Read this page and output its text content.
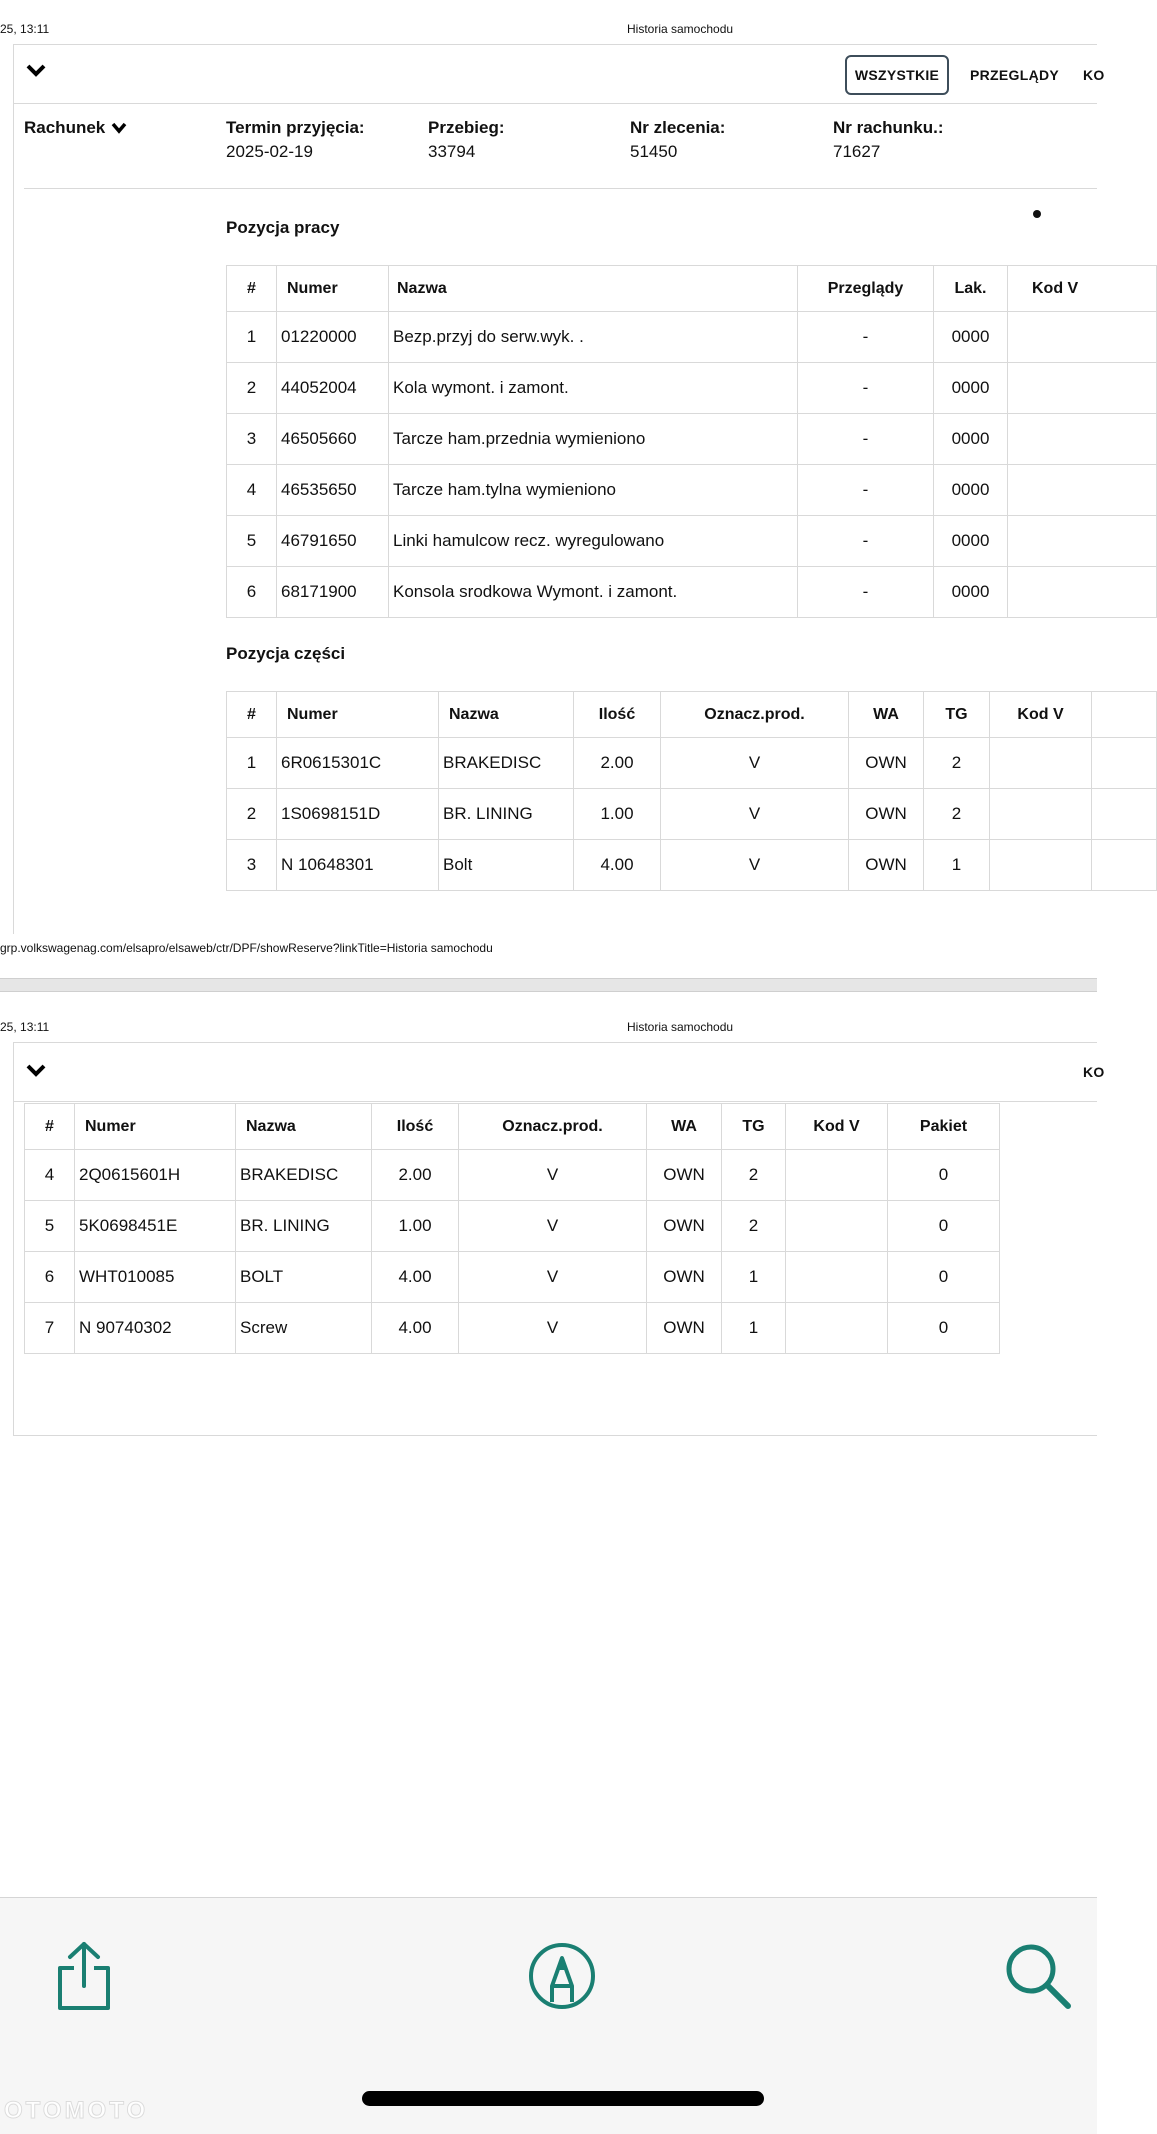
25, 13:11	Historia samochodu
WSZYSTKIE	PRZEGLĄDY KO
Rachunek	Termin przyjęcia:
2025-02-19
Przebieg:
33794
Nr zlecenia:
51450
Nr rachunku.:
71627
Pozycja pracy
#	Numer	Nazwa	Przeglądy	Lak.	Kod V
1	01220000	Bezp.przyj do serw.wyk. .	-	0000	
2	44052004	Kola wymont. i zamont.	-	0000	
3	46505660	Tarcze ham.przednia wymieniono	-	0000	
4	46535650	Tarcze ham.tylna wymieniono	-	0000	
5	46791650	Linki hamulcow recz. wyregulowano	-	0000	
6	68171900	Konsola srodkowa Wymont. i zamont.	-	0000	
Pozycja części
#	Numer	Nazwa	Ilość	Oznacz.prod.	WA	TG	Kod V	
1	6R0615301C	BRAKEDISC	2.00	V	OWN	2		
2	1S0698151D	BR. LINING	1.00	V	OWN	2		
3	N 10648301	Bolt	4.00	V	OWN	1		
grp.volkswagenag.com/elsapro/elsaweb/ctr/DPF/showReserve?linkTitle=Historia samochodu
25, 13:11	Historia samochodu
KO
#	Numer	Nazwa	Ilość	Oznacz.prod.	WA	TG	Kod V	Pakiet
4	2Q0615601H	BRAKEDISC	2.00	V	OWN	2		0
5	5K0698451E	BR. LINING	1.00	V	OWN	2		0
6	WHT010085	BOLT	4.00	V	OWN	1		0
7	N 90740302	Screw	4.00	V	OWN	1		0
OTOMOTO
